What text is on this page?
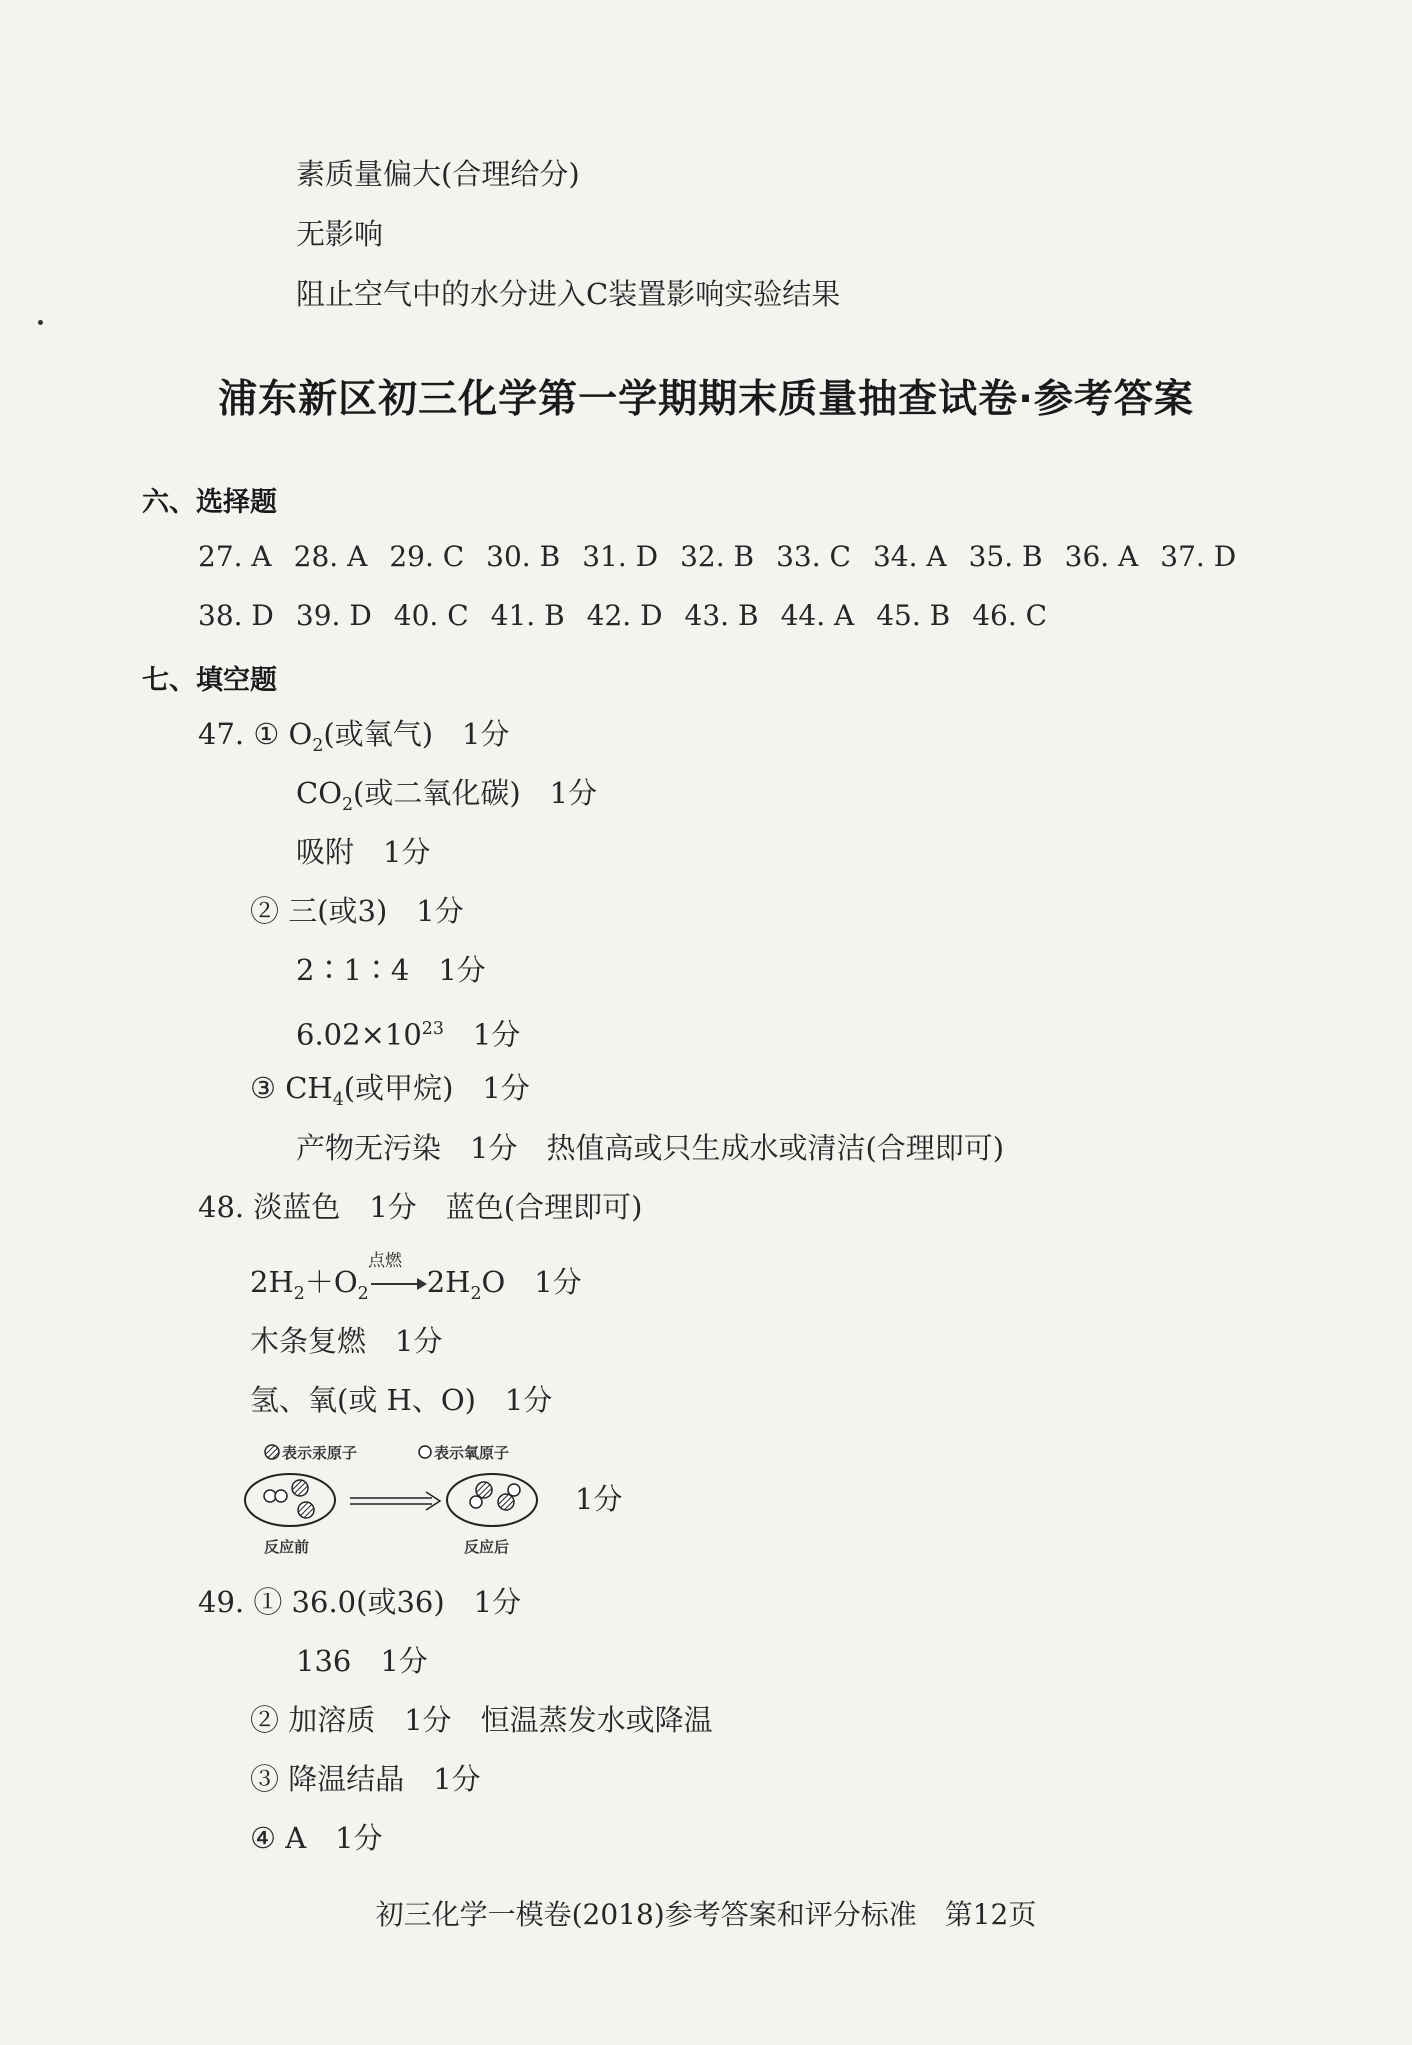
素质量偏大(合理给分)
无影响
阻止空气中的水分进入C装置影响实验结果
浦东新区初三化学第一学期期末质量抽查试卷·参考答案
六、选择题
27. A 28. A 29. C 30. B 31. D 32. B 33. C 34. A 35. B 36. A 37. D
38. D 39. D 40. C 41. B 42. D 43. B 44. A 45. B 46. C
七、填空题
47. ① $O_2$(或氧气)　1分
$CO_2$(或二氧化碳)　1分
吸附　1分
② 三(或3)　1分
2∶1∶4　1分
$6.02\times 10^{23}$　1分
③ $CH_4$(或甲烷)　1分
产物无污染　1分　热值高或只生成水或清洁(合理即可)
48. 淡蓝色　1分　蓝色(合理即可)
点燃
$2H_2+O_2$ $2H_2O$　1分
木条复燃　1分
氢、氧(或 H、O)　1分
表示汞原子	表示氧原子
反应前	反应后
1分
49. ① 36.0(或36)　1分
136　1分
② 加溶质　1分　恒温蒸发水或降温
③ 降温结晶　1分
④ A　1分
初三化学一模卷(2018)参考答案和评分标准　第12页
